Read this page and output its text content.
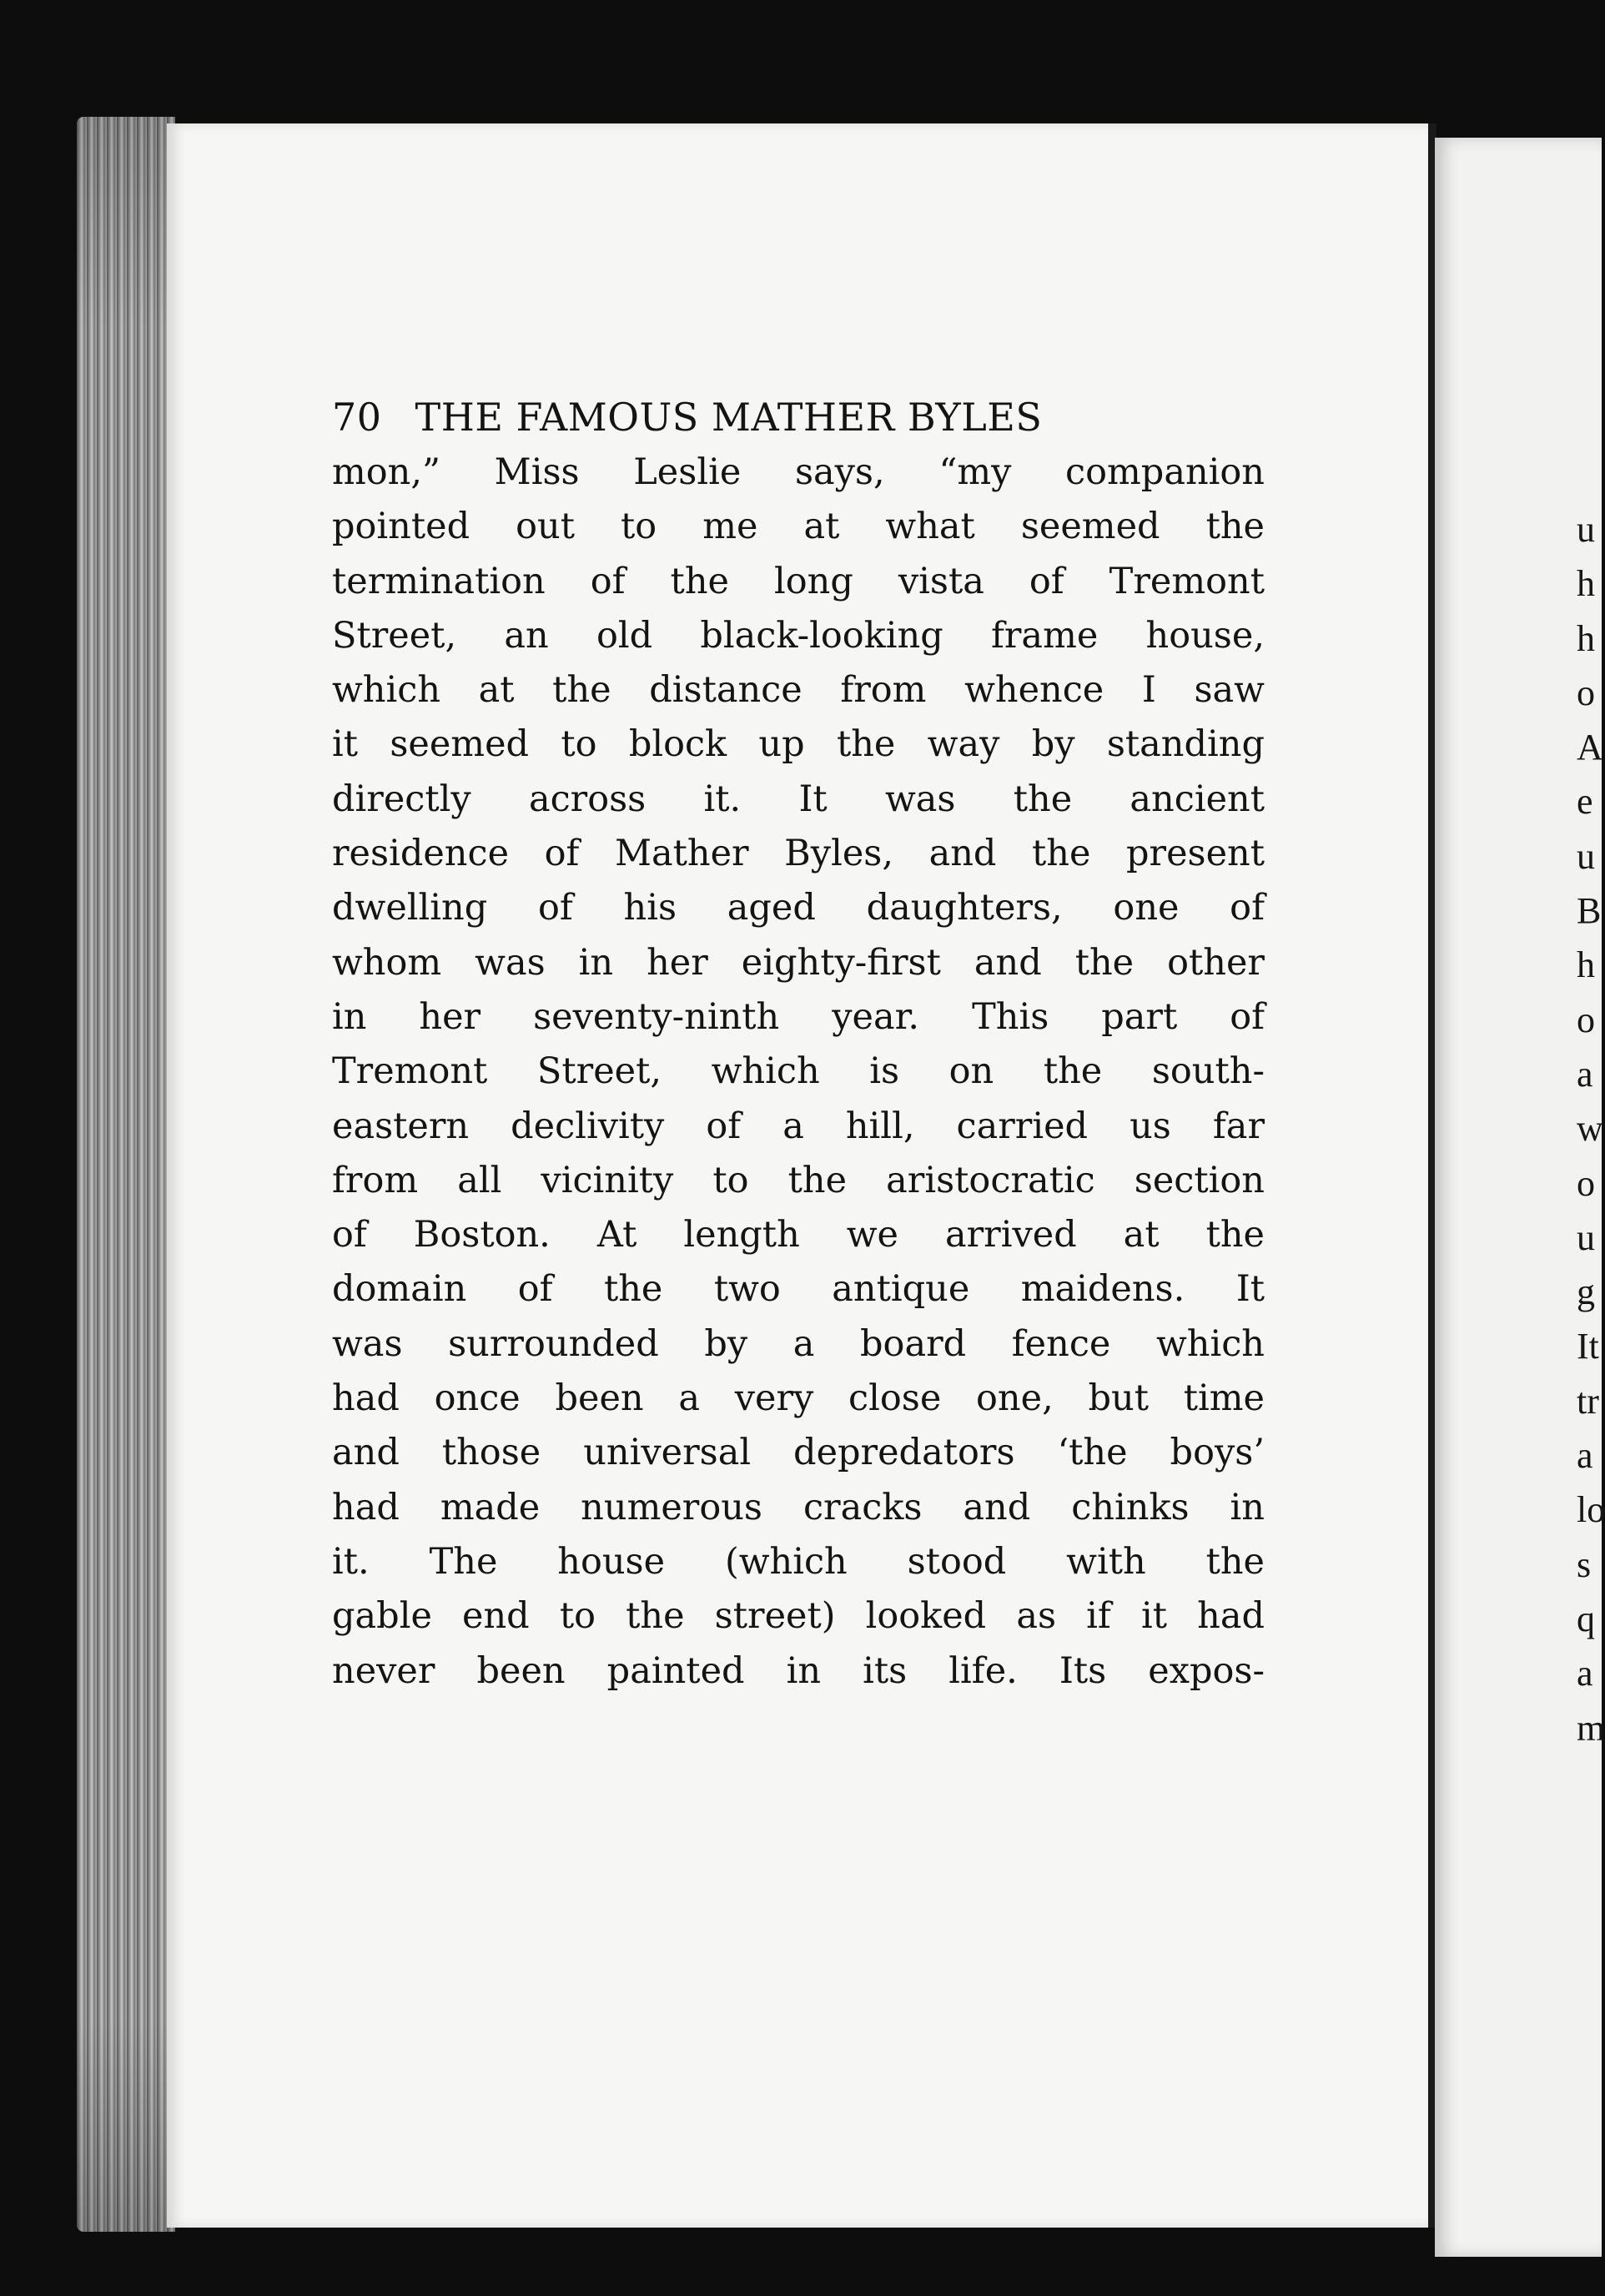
u
h
h
o
A
e
u
B
h
o
a
w
o
u
g
It
tr
a
lo
s
q
a
m
70 THE FAMOUS MATHER BYLES
mon,” Miss Leslie says, “my companion
pointed out to me at what seemed the
termination of the long vista of Tremont
Street, an old black-looking frame house,
which at the distance from whence I saw
it seemed to block up the way by standing
directly across it. It was the ancient
residence of Mather Byles, and the present
dwelling of his aged daughters, one of
whom was in her eighty-first and the other
in her seventy-ninth year. This part of
Tremont Street, which is on the south-
eastern declivity of a hill, carried us far
from all vicinity to the aristocratic section
of Boston. At length we arrived at the
domain of the two antique maidens. It
was surrounded by a board fence which
had once been a very close one, but time
and those universal depredators ‘the boys’
had made numerous cracks and chinks in
it. The house (which stood with the
gable end to the street) looked as if it had
never been painted in its life. Its expos-
